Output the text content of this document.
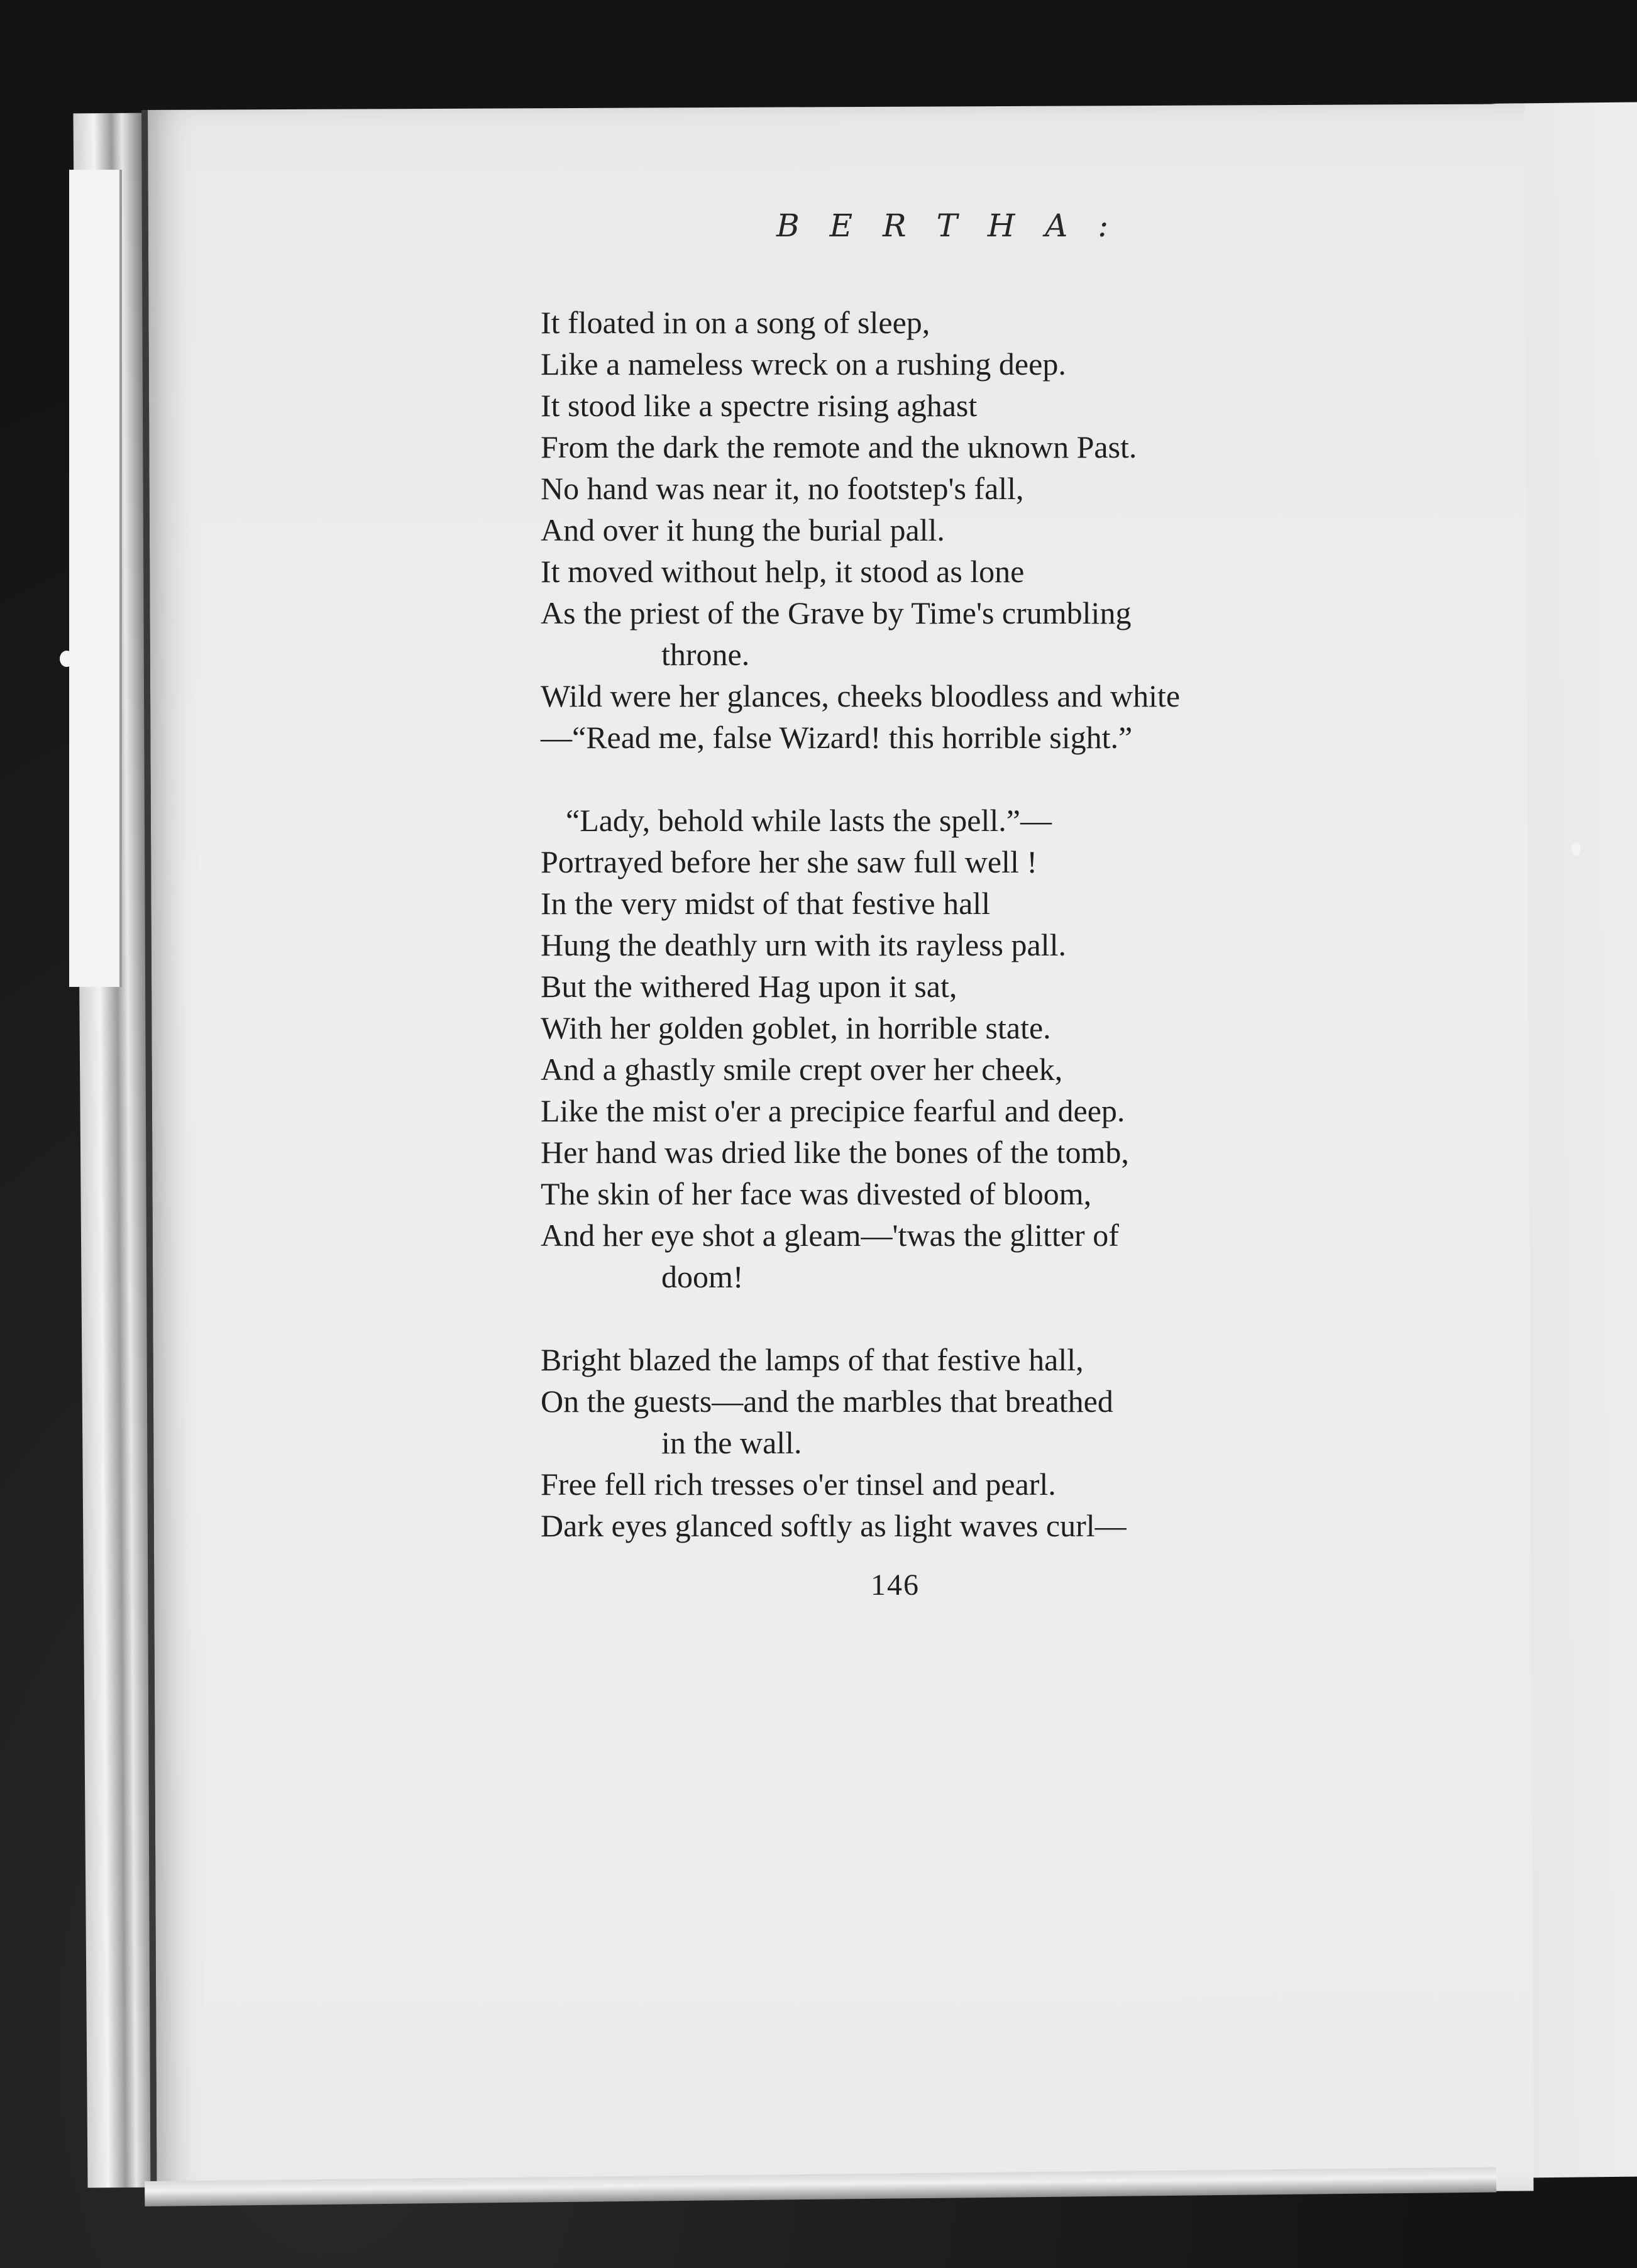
B E R T H A :
It floated in on a song of sleep,
Like a nameless wreck on a rushing deep.
It stood like a spectre rising aghast
From the dark the remote and the uknown Past.
No hand was near it, no footstep's fall,
And over it hung the burial pall.
It moved without help, it stood as lone
As the priest of the Grave by Time's crumbling
throne.
Wild were her glances, cheeks bloodless and white
—“Read me, false Wizard! this horrible sight.”
“Lady, behold while lasts the spell.”—
Portrayed before her she saw full well !
In the very midst of that festive hall
Hung the deathly urn with its rayless pall.
But the withered Hag upon it sat,
With her golden goblet, in horrible state.
And a ghastly smile crept over her cheek,
Like the mist o'er a precipice fearful and deep.
Her hand was dried like the bones of the tomb,
The skin of her face was divested of bloom,
And her eye shot a gleam—'twas the glitter of
doom!
Bright blazed the lamps of that festive hall,
On the guests—and the marbles that breathed
in the wall.
Free fell rich tresses o'er tinsel and pearl.
Dark eyes glanced softly as light waves curl—
146
